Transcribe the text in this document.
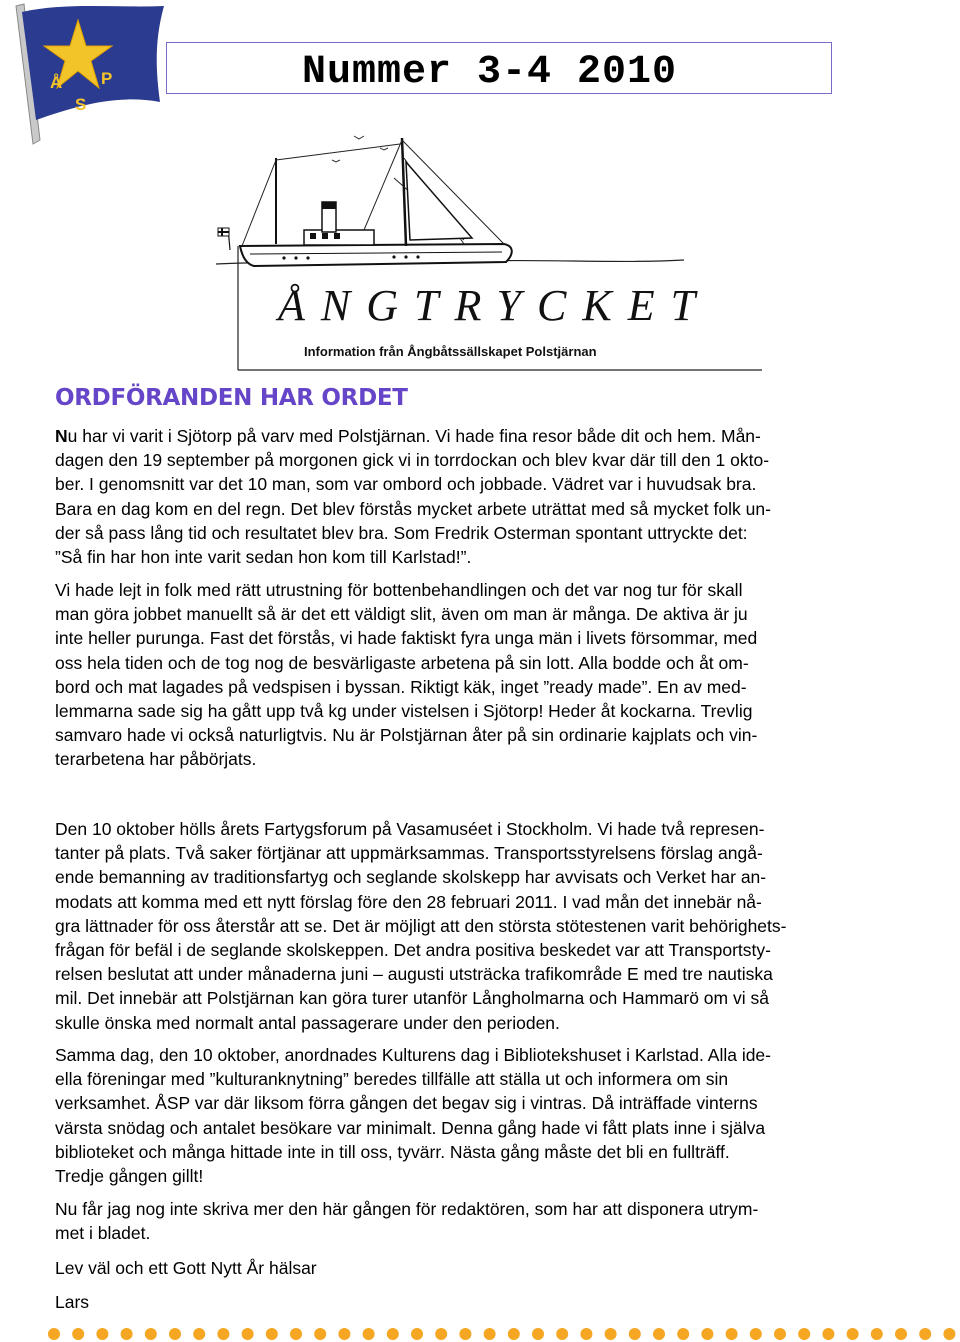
Å P
S
Nummer 3-4 2010
ÅNGTRYCKET
Information från Ångbåtssällskapet Polstjärnan
ORDFÖRANDEN HAR ORDET
Nu har vi varit i Sjötorp på varv med Polstjärnan. Vi hade fina resor både dit och hem. Mån-
dagen den 19 september på morgonen gick vi in torrdockan och blev kvar där till den 1 okto-
ber. I genomsnitt var det 10 man, som var ombord och jobbade. Vädret var i huvudsak bra.
Bara en dag kom en del regn. Det blev förstås mycket arbete uträttat med så mycket folk un-
der så pass lång tid och resultatet blev bra. Som Fredrik Osterman spontant uttryckte det:
”Så fin har hon inte varit sedan hon kom till Karlstad!”.
Vi hade lejt in folk med rätt utrustning för bottenbehandlingen och det var nog tur för skall
man göra jobbet manuellt så är det ett väldigt slit, även om man är många. De aktiva är ju
inte heller purunga. Fast det förstås, vi hade faktiskt fyra unga män i livets försommar, med
oss hela tiden och de tog nog de besvärligaste arbetena på sin lott. Alla bodde och åt om-
bord och mat lagades på vedspisen i byssan. Riktigt käk, inget ”ready made”. En av med-
lemmarna sade sig ha gått upp två kg under vistelsen i Sjötorp! Heder åt kockarna. Trevlig
samvaro hade vi också naturligtvis. Nu är Polstjärnan åter på sin ordinarie kajplats och vin-
terarbetena har påbörjats.
Den 10 oktober hölls årets Fartygsforum på Vasamuséet i Stockholm. Vi hade två represen-
tanter på plats. Två saker förtjänar att uppmärksammas. Transportsstyrelsens förslag angå-
ende bemanning av traditionsfartyg och seglande skolskepp har avvisats och Verket har an-
modats att komma med ett nytt förslag före den 28 februari 2011. I vad mån det innebär nå-
gra lättnader för oss återstår att se. Det är möjligt att den största stötestenen varit behörighets-
frågan för befäl i de seglande skolskeppen. Det andra positiva beskedet var att Transportsty-
relsen beslutat att under månaderna juni – augusti utsträcka trafikområde E med tre nautiska
mil. Det innebär att Polstjärnan kan göra turer utanför Långholmarna och Hammarö om vi så
skulle önska med normalt antal passagerare under den perioden.
Samma dag, den 10 oktober, anordnades Kulturens dag i Bibliotekshuset i Karlstad. Alla ide-
ella föreningar med ”kulturanknytning” beredes tillfälle att ställa ut och informera om sin
verksamhet. ÅSP var där liksom förra gången det begav sig i vintras. Då inträffade vinterns
värsta snödag och antalet besökare var minimalt. Denna gång hade vi fått plats inne i själva
biblioteket och många hittade inte in till oss, tyvärr. Nästa gång måste det bli en fullträff.
Tredje gången gillt!
Nu får jag nog inte skriva mer den här gången för redaktören, som har att disponera utrym-
met i bladet.
Lev väl och ett Gott Nytt År hälsar
Lars
